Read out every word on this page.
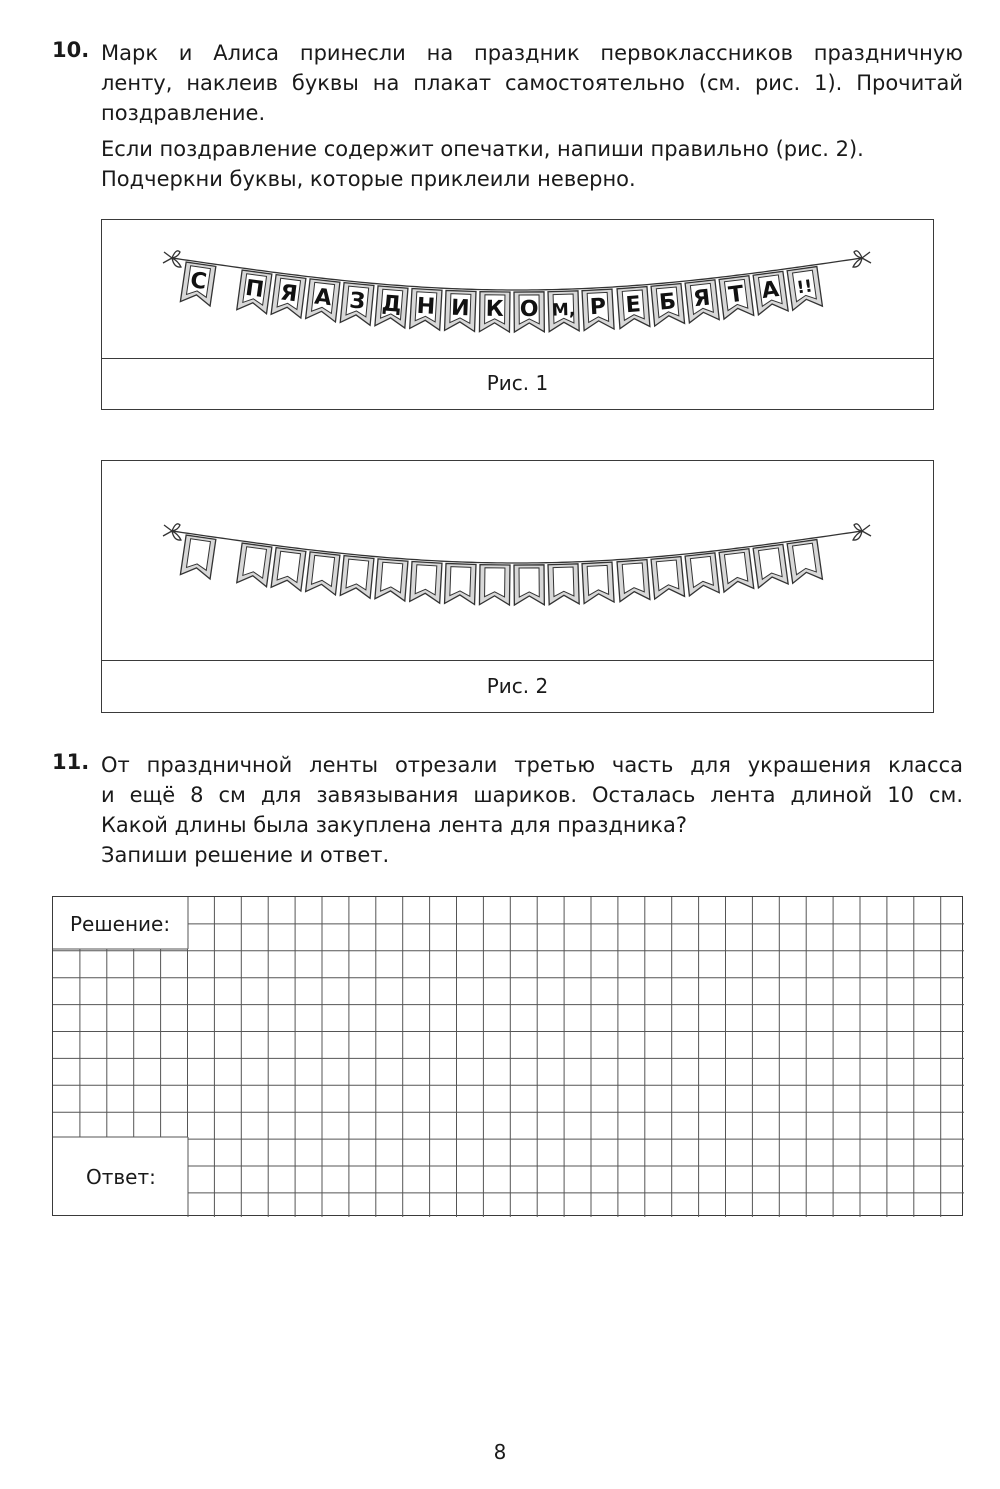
10. Марк и Алиса принесли на праздник первоклассников праздничную
ленту, наклеив буквы на плакат самостоятельно (см. рис. 1). Прочитай
поздравление.
Если поздравление содержит опечатки, напиши правильно (рис. 2).
Подчеркни буквы, которые приклеили неверно.
С П Я А З Д Н И К О М, Р Е Б Я Т А !!
Рис. 1
Рис. 2
11. От праздничной ленты отрезали третью часть для украшения класса
и ещё 8 см для завязывания шариков. Осталась лента длиной 10 см.
Какой длины была закуплена лента для праздника?
Запиши решение и ответ.
Решение:
Ответ:
8
